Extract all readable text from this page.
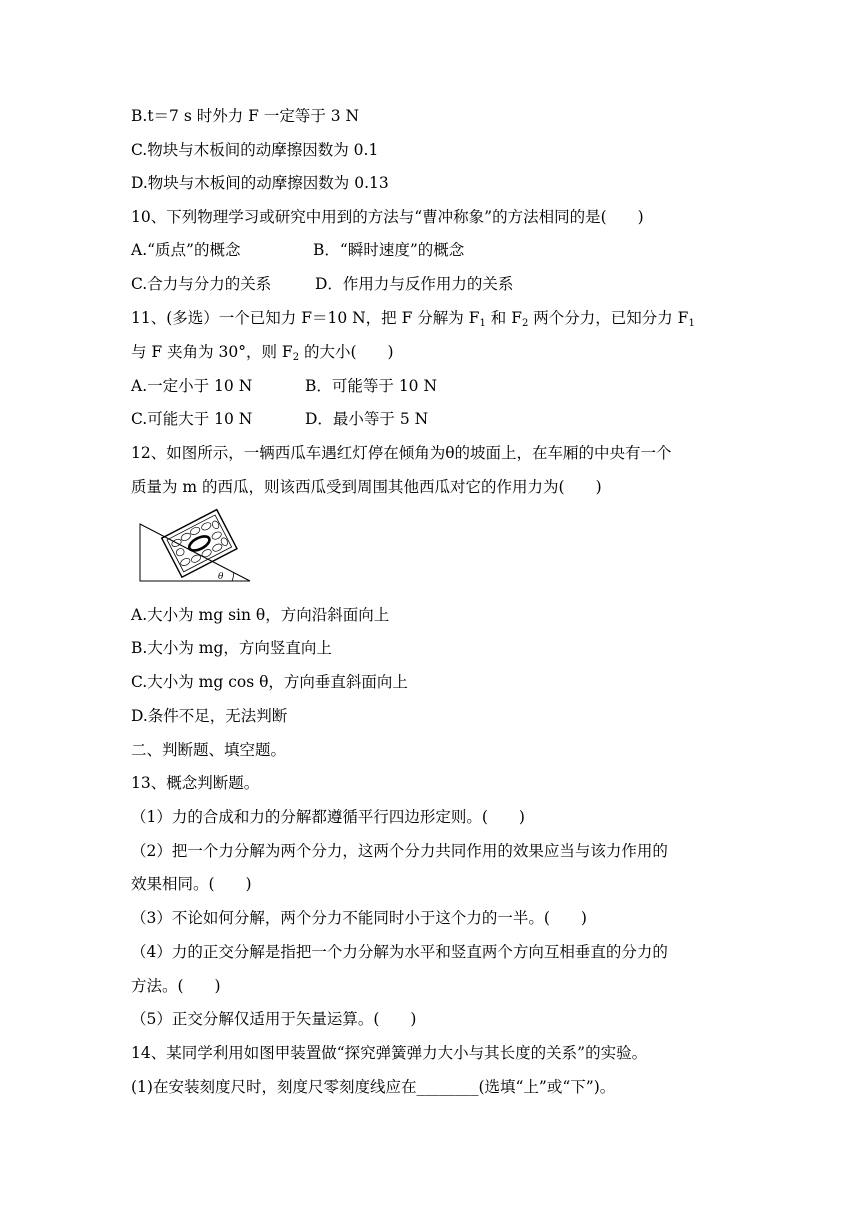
B.t＝7 s 时外力 F 一定等于 3 N
C.物块与木板间的动摩擦因数为 0.1
D.物块与木板间的动摩擦因数为 0.13
10、下列物理学习或研究中用到的方法与“曹冲称象”的方法相同的是(　　)
A.“质点”的概念	B．“瞬时速度”的概念
C.合力与分力的关系	D．作用力与反作用力的关系
11、(多选）一个已知力 F＝10 N，把 F 分解为 $F_1$ 和 $F_2$ 两个分力，已知分力 $F_1$
与 F 夹角为 30°，则 $F_2$ 的大小(　　)
A.一定小于 10 N	B．可能等于 10 N
C.可能大于 10 N	D．最小等于 5 N
12、如图所示，一辆西瓜车遇红灯停在倾角为θ的坡面上，在车厢的中央有一个
质量为 m 的西瓜，则该西瓜受到周围其他西瓜对它的作用力为(　　)
θ
A.大小为 mg sin θ，方向沿斜面向上
B.大小为 mg，方向竖直向上
C.大小为 mg cos θ，方向垂直斜面向上
D.条件不足，无法判断
二、判断题、填空题。
13、概念判断题。
（1）力的合成和力的分解都遵循平行四边形定则。(　　)
（2）把一个力分解为两个分力，这两个分力共同作用的效果应当与该力作用的
效果相同。(　　)
（3）不论如何分解，两个分力不能同时小于这个力的一半。(　　)
（4）力的正交分解是指把一个力分解为水平和竖直两个方向互相垂直的分力的
方法。(　　)
（5）正交分解仅适用于矢量运算。(　　)
14、某同学利用如图甲装置做“探究弹簧弹力大小与其长度的关系”的实验。
(1)在安装刻度尺时，刻度尺零刻度线应在________(选填“上”或“下”)。
